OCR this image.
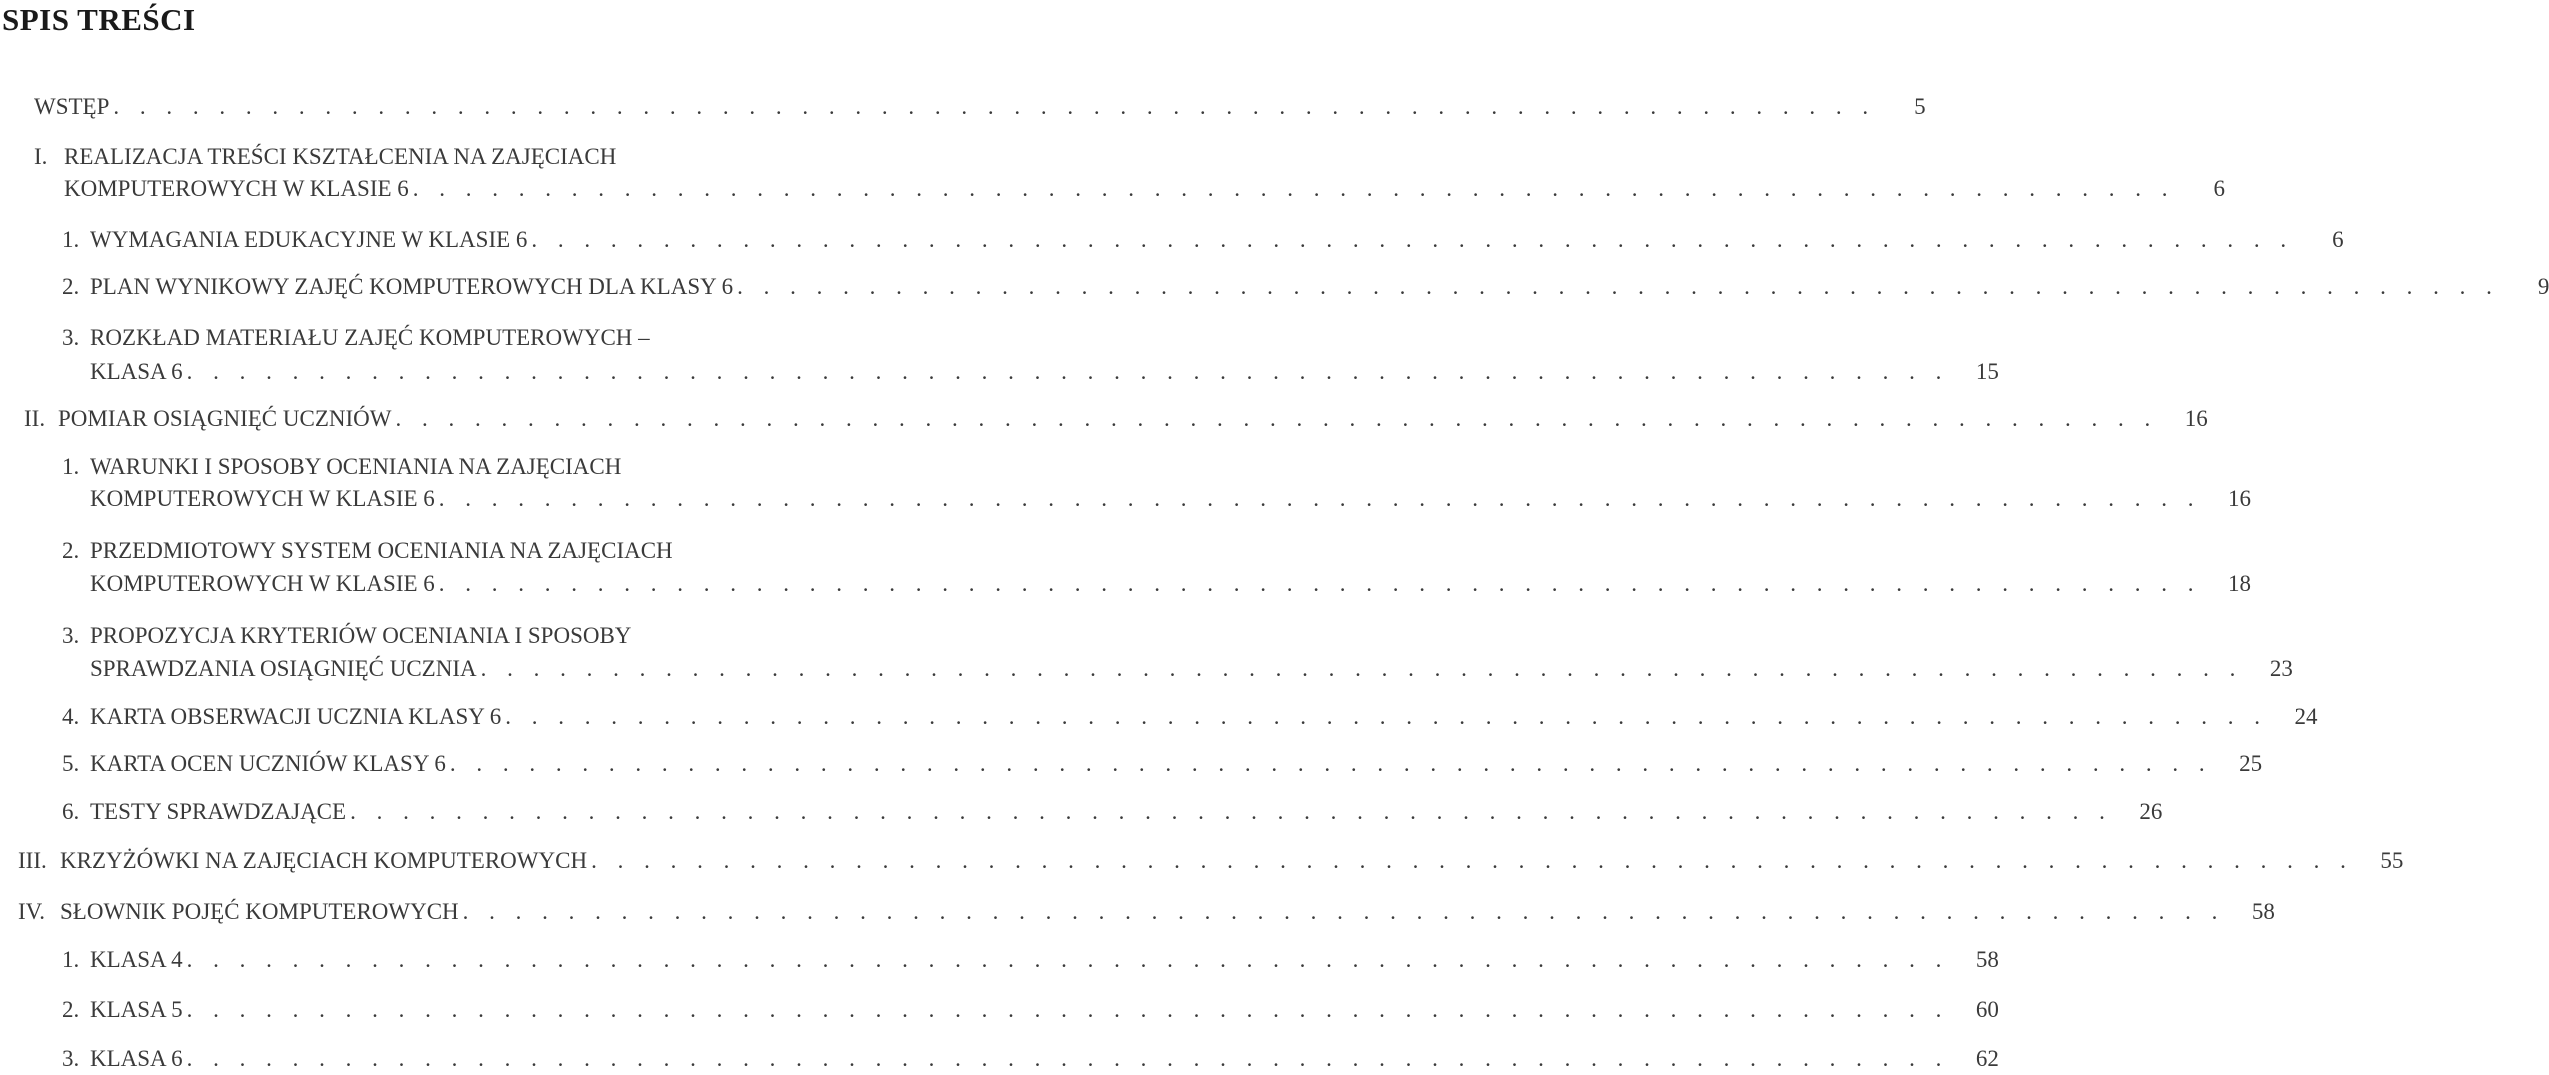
SPIS TREŚCI
WSTĘP . . . . . . . . . . . . . . . . . . . . . . . . . . . . . . . . . . . . . . . . . . . . . . . . . . . . . . . . . . . . . . . . . . .	5
I. REALIZACJA TREŚCI KSZTAŁCENIA NA ZAJĘCIACH
KOMPUTEROWYCH W KLASIE 6 . . . . . . . . . . . . . . . . . . . . . . . . . . . . . . . . . . . . . . . . . . . . . . . . . . . . . . . . . . . . . . . . . . .	6
1. WYMAGANIA EDUKACYJNE W KLASIE 6 . . . . . . . . . . . . . . . . . . . . . . . . . . . . . . . . . . . . . . . . . . . . . . . . . . . . . . . . . . . . . . . . . . .	6
2. PLAN WYNIKOWY ZAJĘĆ KOMPUTEROWYCH DLA KLASY 6 . . . . . . . . . . . . . . . . . . . . . . . . . . . . . . . . . . . . . . . . . . . . . . . . . . . . . . . . . . . . . . . . . . .	9
3. ROZKŁAD MATERIAŁU ZAJĘĆ KOMPUTEROWYCH –
KLASA 6 . . . . . . . . . . . . . . . . . . . . . . . . . . . . . . . . . . . . . . . . . . . . . . . . . . . . . . . . . . . . . . . . . . .	15
II. POMIAR OSIĄGNIĘĆ UCZNIÓW . . . . . . . . . . . . . . . . . . . . . . . . . . . . . . . . . . . . . . . . . . . . . . . . . . . . . . . . . . . . . . . . . . .	16
1. WARUNKI I SPOSOBY OCENIANIA NA ZAJĘCIACH
KOMPUTEROWYCH W KLASIE 6 . . . . . . . . . . . . . . . . . . . . . . . . . . . . . . . . . . . . . . . . . . . . . . . . . . . . . . . . . . . . . . . . . . .	16
2. PRZEDMIOTOWY SYSTEM OCENIANIA NA ZAJĘCIACH
KOMPUTEROWYCH W KLASIE 6 . . . . . . . . . . . . . . . . . . . . . . . . . . . . . . . . . . . . . . . . . . . . . . . . . . . . . . . . . . . . . . . . . . .	18
3. PROPOZYCJA KRYTERIÓW OCENIANIA I SPOSOBY
SPRAWDZANIA OSIĄGNIĘĆ UCZNIA . . . . . . . . . . . . . . . . . . . . . . . . . . . . . . . . . . . . . . . . . . . . . . . . . . . . . . . . . . . . . . . . . . .	23
4. KARTA OBSERWACJI UCZNIA KLASY 6 . . . . . . . . . . . . . . . . . . . . . . . . . . . . . . . . . . . . . . . . . . . . . . . . . . . . . . . . . . . . . . . . . . .	24
5. KARTA OCEN UCZNIÓW KLASY 6 . . . . . . . . . . . . . . . . . . . . . . . . . . . . . . . . . . . . . . . . . . . . . . . . . . . . . . . . . . . . . . . . . . .	25
6. TESTY SPRAWDZAJĄCE . . . . . . . . . . . . . . . . . . . . . . . . . . . . . . . . . . . . . . . . . . . . . . . . . . . . . . . . . . . . . . . . . . .	26
III. KRZYŻÓWKI NA ZAJĘCIACH KOMPUTEROWYCH . . . . . . . . . . . . . . . . . . . . . . . . . . . . . . . . . . . . . . . . . . . . . . . . . . . . . . . . . . . . . . . . . . .	55
IV. SŁOWNIK POJĘĆ KOMPUTEROWYCH . . . . . . . . . . . . . . . . . . . . . . . . . . . . . . . . . . . . . . . . . . . . . . . . . . . . . . . . . . . . . . . . . . .	58
1. KLASA 4 . . . . . . . . . . . . . . . . . . . . . . . . . . . . . . . . . . . . . . . . . . . . . . . . . . . . . . . . . . . . . . . . . . .	58
2. KLASA 5 . . . . . . . . . . . . . . . . . . . . . . . . . . . . . . . . . . . . . . . . . . . . . . . . . . . . . . . . . . . . . . . . . . .	60
3. KLASA 6 . . . . . . . . . . . . . . . . . . . . . . . . . . . . . . . . . . . . . . . . . . . . . . . . . . . . . . . . . . . . . . . . . . .	62
